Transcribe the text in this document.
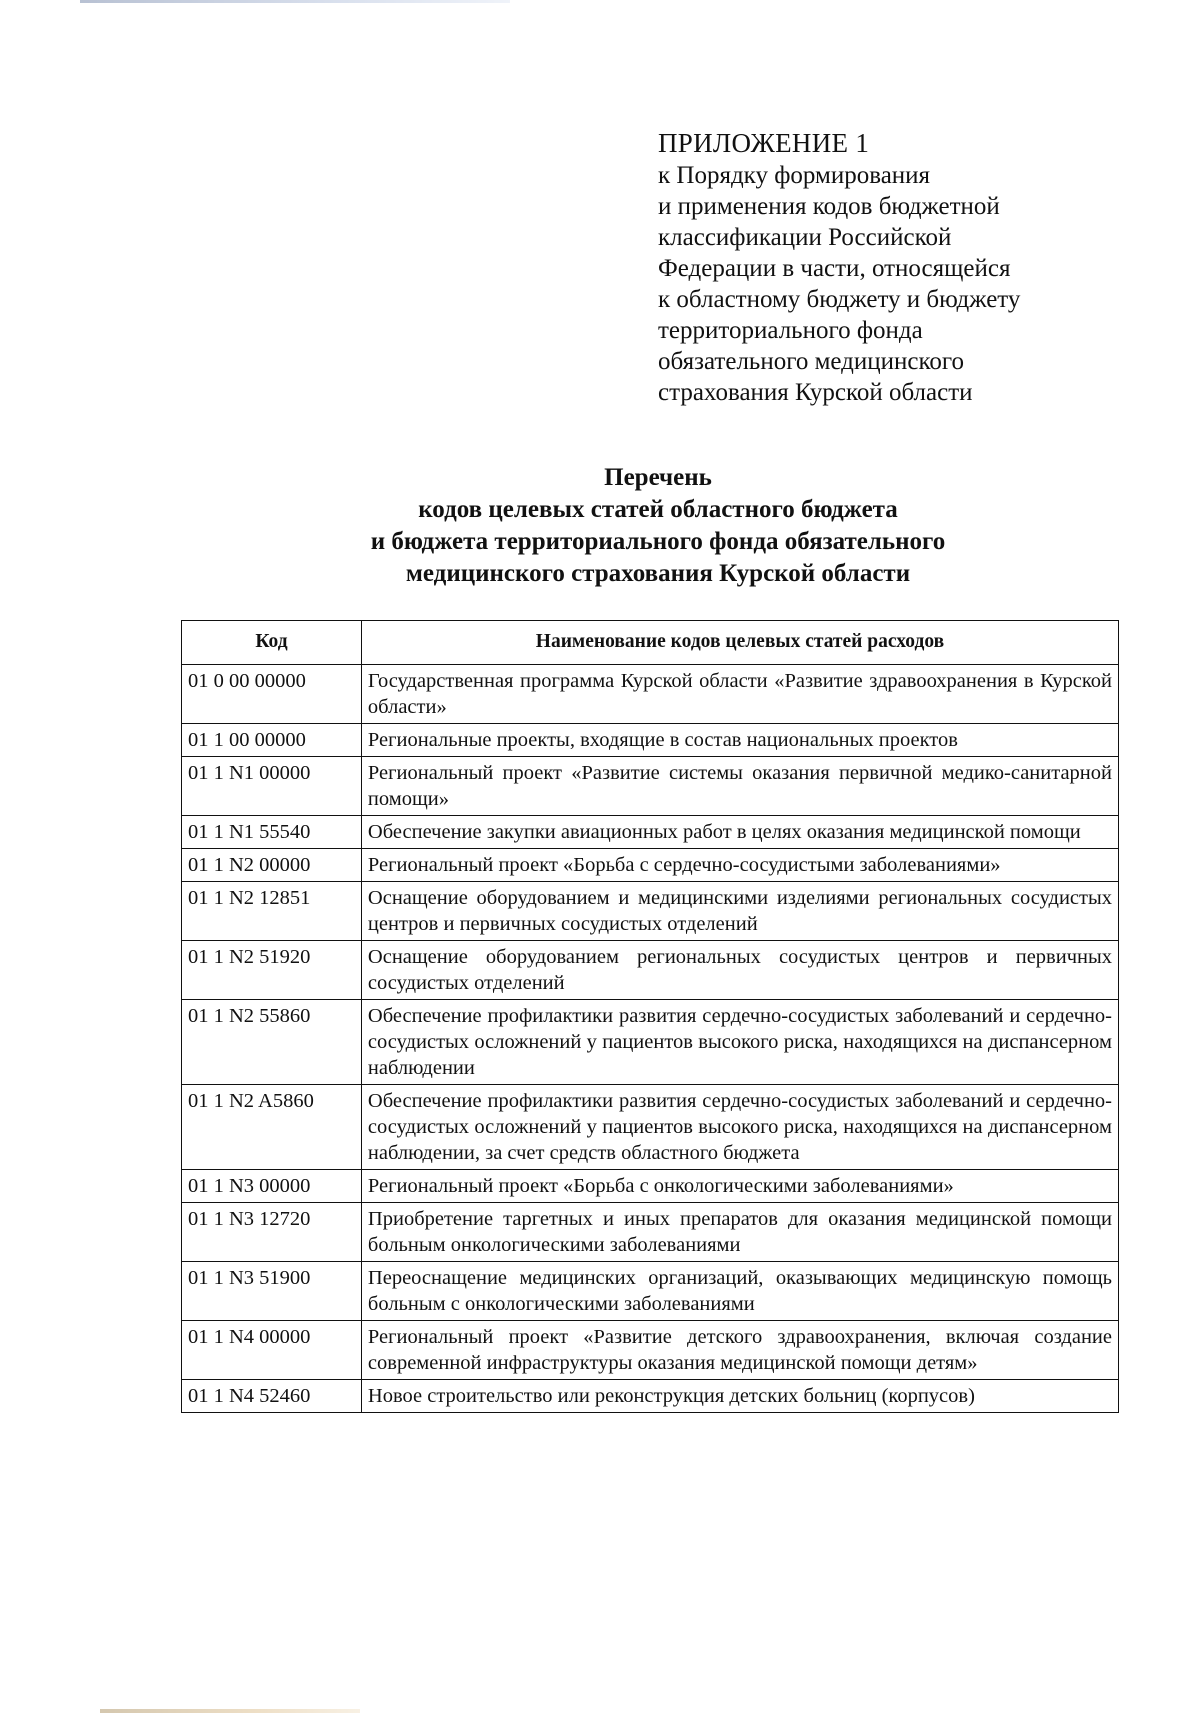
ПРИЛОЖЕНИЕ 1
к Порядку формирования
и применения кодов бюджетной
классификации Российской
Федерации в части, относящейся
к областному бюджету и бюджету
территориального фонда
обязательного медицинского
страхования Курской области
Перечень
кодов целевых статей областного бюджета
и бюджета территориального фонда обязательного
медицинского страхования Курской области
Код	Наименование кодов целевых статей расходов
01 0 00 00000	Государственная программа Курской области «Развитие здравоохранения в Курской области»
01 1 00 00000	Региональные проекты, входящие в состав национальных проектов
01 1 N1 00000	Региональный проект «Развитие системы оказания первичной медико-санитарной помощи»
01 1 N1 55540	Обеспечение закупки авиационных работ в целях оказания медицинской помощи
01 1 N2 00000	Региональный проект «Борьба с сердечно-сосудистыми заболеваниями»
01 1 N2 12851	Оснащение оборудованием и медицинскими изделиями региональных сосудистых центров и первичных сосудистых отделений
01 1 N2 51920	Оснащение оборудованием региональных сосудистых центров и первичных сосудистых отделений
01 1 N2 55860	Обеспечение профилактики развития сердечно-сосудистых заболеваний и сердечно-сосудистых осложнений у пациентов высокого риска, находящихся на диспансерном наблюдении
01 1 N2 A5860	Обеспечение профилактики развития сердечно-сосудистых заболеваний и сердечно-сосудистых осложнений у пациентов высокого риска, находящихся на диспансерном наблюдении, за счет средств областного бюджета
01 1 N3 00000	Региональный проект «Борьба с онкологическими заболеваниями»
01 1 N3 12720	Приобретение таргетных и иных препаратов для оказания медицинской помощи больным онкологическими заболеваниями
01 1 N3 51900	Переоснащение медицинских организаций, оказывающих медицинскую помощь больным с онкологическими заболеваниями
01 1 N4 00000	Региональный проект «Развитие детского здравоохранения, включая создание современной инфраструктуры оказания медицинской помощи детям»
01 1 N4 52460	Новое строительство или реконструкция детских больниц (корпусов)
